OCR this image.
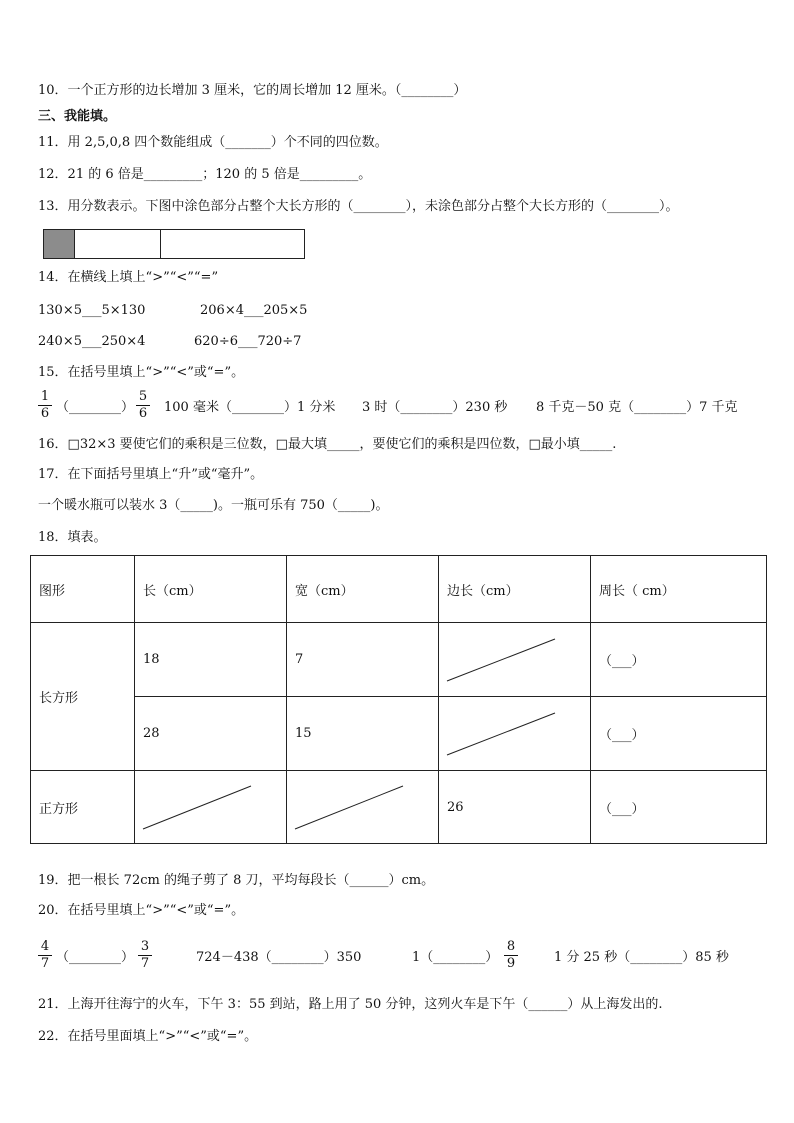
10．一个正方形的边长增加 3 厘米，它的周长增加 12 厘米。（________）
三、我能填。
11．用 2,5,0,8 四个数能组成（_______）个不同的四位数。
12．21 的 6 倍是_________；120 的 5 倍是_________。
13．用分数表示。下图中涂色部分占整个大长方形的（________），未涂色部分占整个大长方形的（________）。
14．在横线上填上“>”“<”“=”
130×5___5×130	206×4___205×5
240×5___250×4	620÷6___720÷7
15．在括号里填上“>”“<”或“=”。
1
6 （________）
5
6 100 毫米（________）1 分米 3 时（________）230 秒 8 千克－50 克（________）7 千克
16．□32×3 要使它们的乘积是三位数，□最大填_____，要使它们的乘积是四位数，□最小填_____.
17．在下面括号里填上“升”或“毫升”。
一个暖水瓶可以装水 3（_____)。一瓶可乐有 750（_____)。
18．填表。
图形	长（cm）	宽（cm）	边长（cm）	周长（ cm）
长方形	18	7		（___）
	28	15		（___）
正方形			26	（___）
19．把一根长 72cm 的绳子剪了 8 刀，平均每段长（______）cm。
20．在括号里填上“>”“<”或“=”。
4
7 （________）
3
7	724－438（________）350	1（________）
8
9	1 分 25 秒（________）85 秒
21．上海开往海宁的火车，下午 3：55 到站，路上用了 50 分钟，这列火车是下午（______）从上海发出的.
22．在括号里面填上“>”“<”或“=”。
